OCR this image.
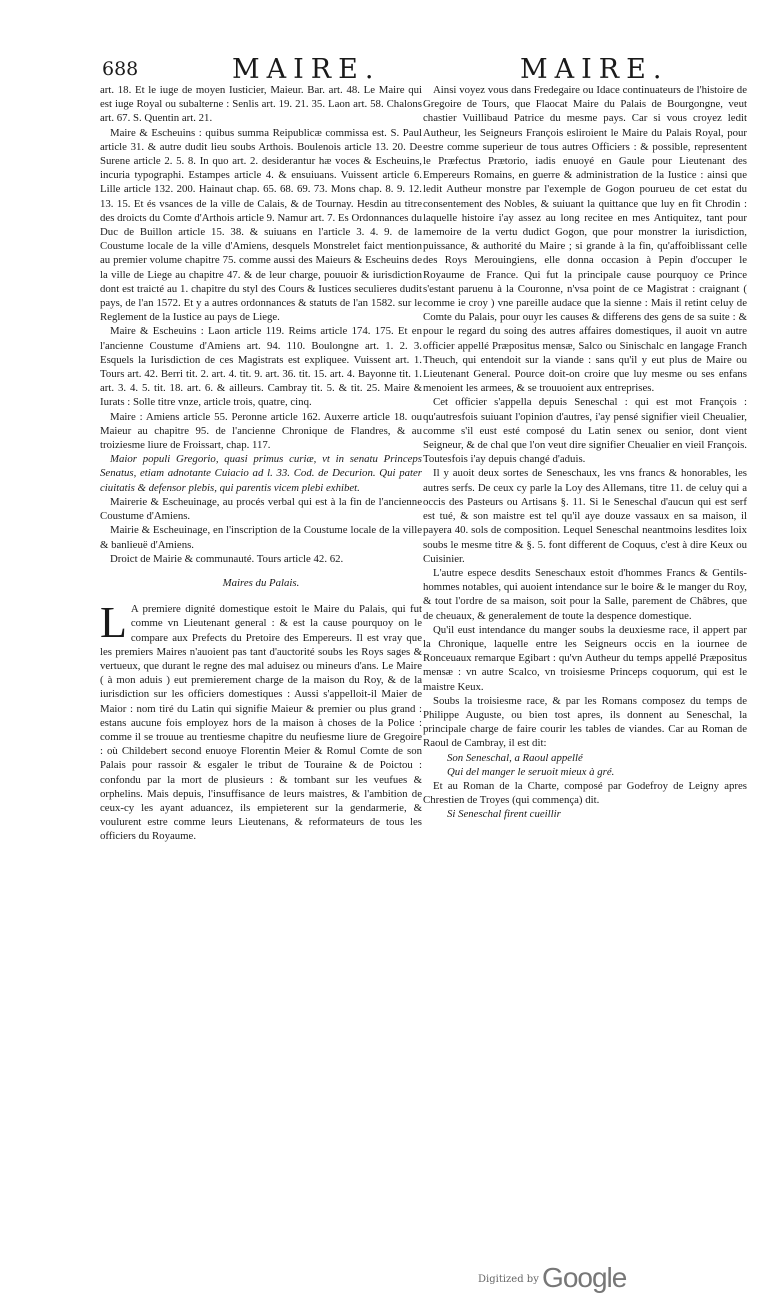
688	MAIRE.	MAIRE.

art. 18. Et le iuge de moyen Iusticier, Maieur. Bar. art. 48. Le Maire qui est iuge Royal ou subalterne : Senlis art. 19. 21. 35. Laon art. 58. Chalons art. 67. S. Quentin art. 21.

Maire & Escheuins : quibus summa Reipublicæ commissa est. S. Paul article 31. & autre dudit lieu soubs Arthois. Boulenois article 13. 20. De Surene article 2. 5. 8. In quo art. 2. desiderantur hæ voces & Escheuins, incuria typographi. Estampes article 4. & ensuiuans. Vuissent article 6. Lille article 132. 200. Hainaut chap. 65. 68. 69. 73. Mons chap. 8. 9. 12. 13. 15. Et és vsances de la ville de Calais, & de Tournay. Hesdin au titre des droicts du Comte d'Arthois article 9. Namur art. 7. Es Ordonnances du Duc de Buillon article 15. 38. & suiuans en l'article 3. 4. 9. de la Coustume locale de la ville d'Amiens, desquels Monstrelet faict mention au premier volume chapitre 75. comme aussi des Maieurs & Escheuins de la ville de Liege au chapitre 47. & de leur charge, pouuoir & iurisdiction dont est traicté au 1. chapitre du styl des Cours & Iustices seculieres dudit pays, de l'an 1572. Et y a autres ordonnances & statuts de l'an 1582. sur le Reglement de la Iustice au pays de Liege.

Maire & Escheuins : Laon article 119. Reims article 174. 175. Et en l'ancienne Coustume d'Amiens art. 94. 110. Boulongne art. 1. 2. 3. Esquels la Iurisdiction de ces Magistrats est expliquee. Vuissent art. 1. Tours art. 42. Berri tit. 2. art. 4. tit. 9. art. 36. tit. 15. art. 4. Bayonne tit. 1. art. 3. 4. 5. tit. 18. art. 6. & ailleurs. Cambray tit. 5. & tit. 25. Maire & Iurats : Solle titre vnze, article trois, quatre, cinq.

Maire : Amiens article 55. Peronne article 162. Auxerre article 18. ou Maieur au chapitre 95. de l'ancienne Chronique de Flandres, & au troiziesme liure de Froissart, chap. 117.

Maior populi Gregorio, quasi primus curiæ, vt in senatu Princeps Senatus, etiam adnotante Cuiacio ad l. 33. Cod. de Decurion. Qui pater ciuitatis & defensor plebis, qui parentis vicem plebi exhibet.

Mairerie & Escheuinage, au procés verbal qui est à la fin de l'ancienne Coustume d'Amiens.

Mairie & Escheuinage, en l'inscription de la Coustume locale de la ville & banlieuë d'Amiens.

Droict de Mairie & communauté. Tours article 42. 62.

Maires du Palais.

L A premiere dignité domestique estoit le Maire du Palais, qui fut comme vn Lieutenant general : & est la cause pourquoy on le compare aux Prefects du Pretoire des Empereurs. Il est vray que les premiers Maires n'auoient pas tant d'auctorité soubs les Roys sages & vertueux, que durant le regne des mal aduisez ou mineurs d'ans. Le Maire ( à mon aduis ) eut premierement charge de la maison du Roy, & de la iurisdiction sur les officiers domestiques : Aussi s'appelloit-il Maier de Maior : nom tiré du Latin qui signifie Maieur & premier ou plus grand : estans aucune fois employez hors de la maison à choses de la Police : comme il se trouue au trentiesme chapitre du neufiesme liure de Gregoire : où Childebert second enuoye Florentin Meier & Romul Comte de son Palais pour rassoir & esgaler le tribut de Touraine & de Poictou : confondu par la mort de plusieurs : & tombant sur les veufues & orphelins. Mais depuis, l'insuffisance de leurs maistres, & l'ambition de ceux-cy les ayant aduancez, ils empieterent sur la gendarmerie, & voulurent estre comme leurs Lieutenans, & reformateurs de tous les officiers du Royaume.

Ainsi voyez vous dans Fredegaire ou Idace continuateurs de l'histoire de Gregoire de Tours, que Flaocat Maire du Palais de Bourgongne, veut chastier Vuillibaud Patrice du mesme pays. Car si vous croyez ledit Autheur, les Seigneurs François esliroient le Maire du Palais Royal, pour estre comme superieur de tous autres Officiers : & possible, representent le Præfectus Prætorio, iadis enuoyé en Gaule pour Lieutenant des Empereurs Romains, en guerre & administration de la Iustice : ainsi que ledit Autheur monstre par l'exemple de Gogon pourueu de cet estat du consentement des Nobles, & suiuant la quittance que luy en fit Chrodin : laquelle histoire i'ay assez au long recitee en mes Antiquitez, tant pour memoire de la vertu dudict Gogon, que pour monstrer la iurisdiction, puissance, & authorité du Maire ; si grande à la fin, qu'affoiblissant celle des Roys Merouingiens, elle donna occasion à Pepin d'occuper le Royaume de France. Qui fut la principale cause pourquoy ce Prince s'estant paruenu à la Couronne, n'vsa point de ce Magistrat : craignant ( comme ie croy ) vne pareille audace que la sienne : Mais il retint celuy de Comte du Palais, pour ouyr les causes & differens des gens de sa suite : & pour le regard du soing des autres affaires domestiques, il auoit vn autre officier appellé Præpositus mensæ, Salco ou Sinischalc en langage Franch Theuch, qui entendoit sur la viande : sans qu'il y eut plus de Maire ou Lieutenant General. Pource doit-on croire que luy mesme ou ses enfans menoient les armees, & se trouuoient aux entreprises.

Cet officier s'appella depuis Seneschal : qui est mot François : qu'autresfois suiuant l'opinion d'autres, i'ay pensé signifier vieil Cheualier, comme s'il eust esté composé du Latin senex ou senior, dont vient Seigneur, & de chal que l'on veut dire signifier Cheualier en vieil François. Toutesfois i'ay depuis changé d'aduis.

Il y auoit deux sortes de Seneschaux, les vns francs & honorables, les autres serfs. De ceux cy parle la Loy des Allemans, titre 11. de celuy qui a occis des Pasteurs ou Artisans §. 11. Si le Seneschal d'aucun qui est serf est tué, & son maistre est tel qu'il aye douze vassaux en sa maison, il payera 40. sols de composition. Lequel Seneschal neantmoins lesdites loix soubs le mesme titre & §. 5. font different de Coquus, c'est à dire Keux ou Cuisinier.

L'autre espece desdits Seneschaux estoit d'hommes Francs & Gentils-hommes notables, qui auoient intendance sur le boire & le manger du Roy, & tout l'ordre de sa maison, soit pour la Salle, parement de Châbres, que de cheuaux, & generalement de toute la despence domestique.

Qu'il eust intendance du manger soubs la deuxiesme race, il appert par la Chronique, laquelle entre les Seigneurs occis en la iournee de Ronceuaux remarque Egibart : qu'vn Autheur du temps appellé Præpositus mensæ : vn autre Scalco, vn troisiesme Princeps coquorum, qui est le maistre Keux.

Soubs la troisiesme race, & par les Romans composez du temps de Philippe Auguste, ou bien tost apres, ils donnent au Seneschal, la principale charge de faire courir les tables de viandes. Car au Roman de Raoul de Cambray, il est dit:

Son Seneschal, a Raoul appellé

Qui del manger le seruoit mieux à gré.

Et au Roman de la Charte, composé par Godefroy de Leigny apres Chrestien de Troyes (qui commença) dit.

Si Seneschal firent cueillir

Digitized by Google
